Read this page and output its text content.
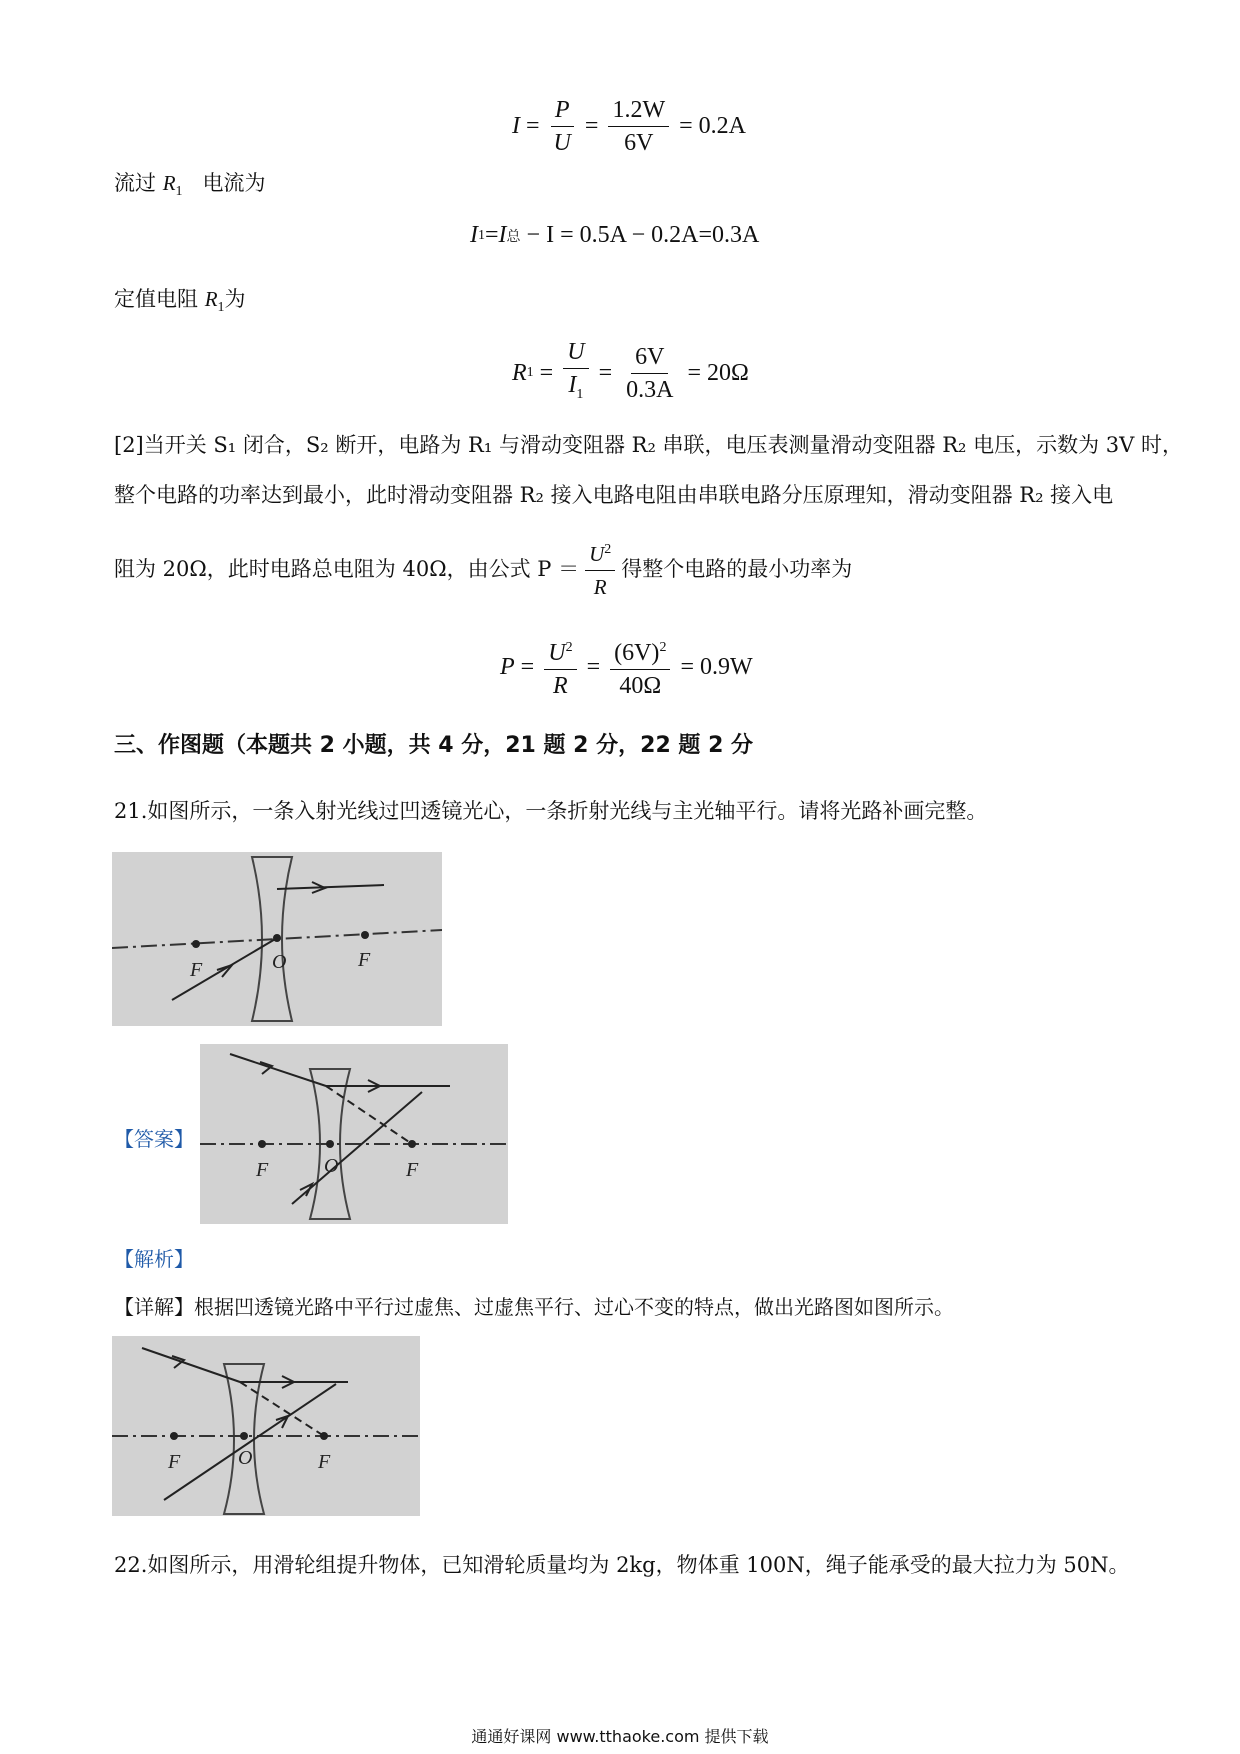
$I = \frac{P}{U} = \frac{1.2W}{6V} = 0.2A$
流过 $R_1$ 电流为
I 1 = I 总 − I = 0.5A − 0.2A=0.3A
定值电阻 $R_1$为
R $1 = \frac{U}{I_1} = \frac{6V}{0.3A} = 20\Omega$
[2]当开关 S₁ 闭合，S₂ 断开，电路为 R₁ 与滑动变阻器 R₂ 串联，电压表测量滑动变阻器 R₂ 电压，示数为 3V 时，
整个电路的功率达到最小，此时滑动变阻器 R₂ 接入电路电阻由串联电路分压原理知，滑动变阻器 R₂ 接入电
阻为 20Ω，此时电路总电阻为 40Ω，由公式 $P = \frac{U^2}{R}$ 得整个电路的最小功率为
$P = \frac{U^2}{R} = \frac{(6V)^2}{40\Omega} = 0.9W$
三、作图题（本题共 2 小题，共 4 分，21 题 2 分，22 题 2 分
21.如图所示，一条入射光线过凹透镜光心，一条折射光线与主光轴平行。请将光路补画完整。
F	O	F
【答案】
F	O	F
【解析】
【详解】根据凹透镜光路中平行过虚焦、过虚焦平行、过心不变的特点，做出光路图如图所示。
F	O	F
22.如图所示，用滑轮组提升物体，已知滑轮质量均为 2kg，物体重 100N，绳子能承受的最大拉力为 50N。
通通好课网 www.tthaoke.com 提供下载
